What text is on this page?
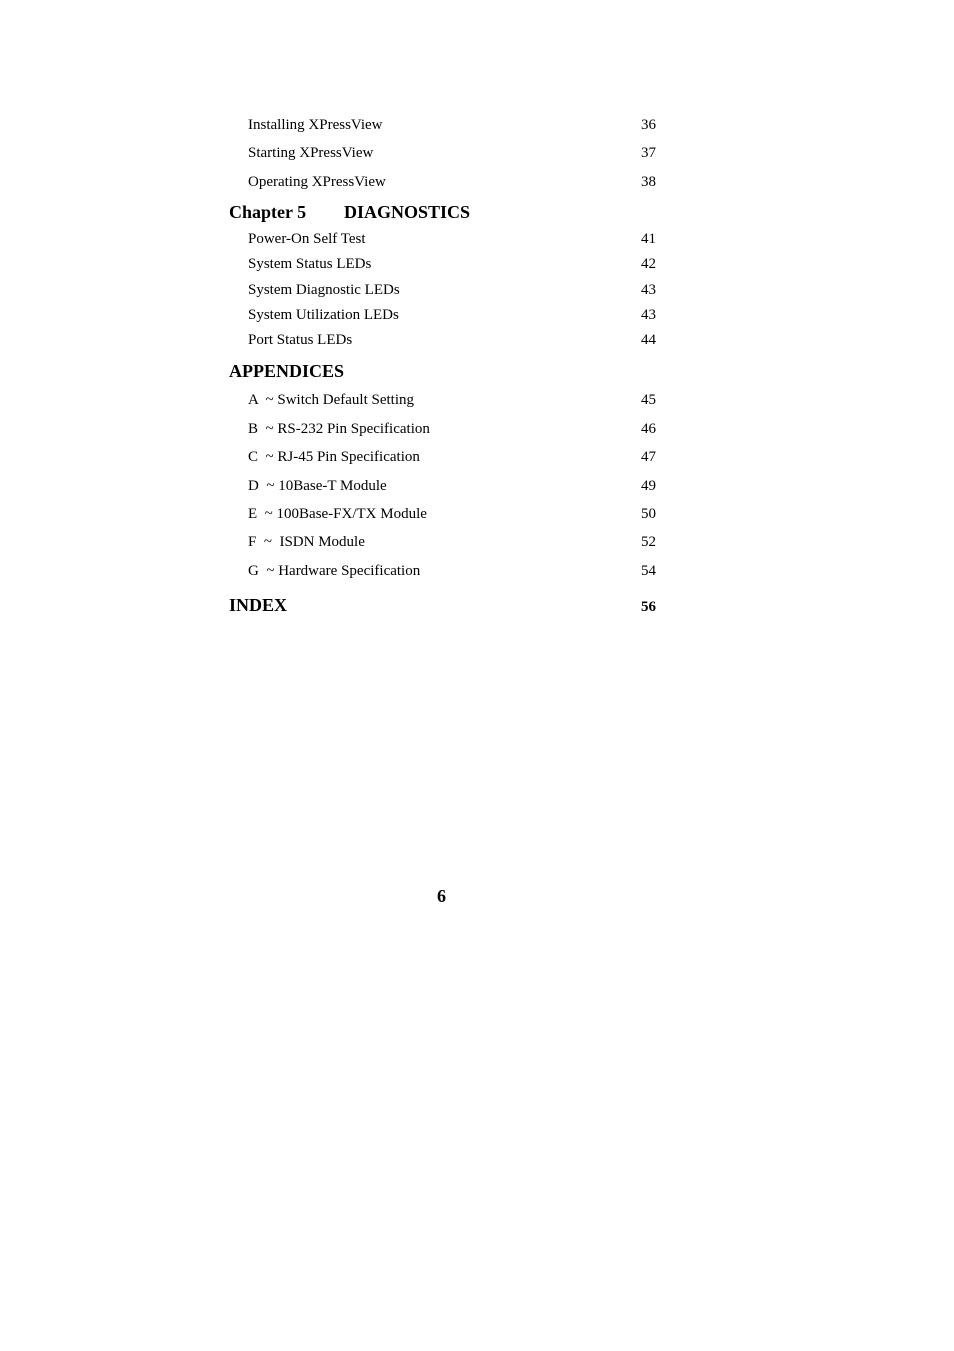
Installing XPressView	36
Starting XPressView	37
Operating XPressView	38
Chapter 5 DIAGNOSTICS
Power-On Self Test	41
System Status LEDs	42
System Diagnostic LEDs	43
System Utilization LEDs	43
Port Status LEDs	44
APPENDICES
A  ~ Switch Default Setting	45
B  ~ RS-232 Pin Specification	46
C  ~ RJ-45 Pin Specification	47
D  ~ 10Base-T Module	49
E  ~ 100Base-FX/TX Module	50
F  ~  ISDN Module	52
G  ~ Hardware Specification	54
INDEX	56
6
